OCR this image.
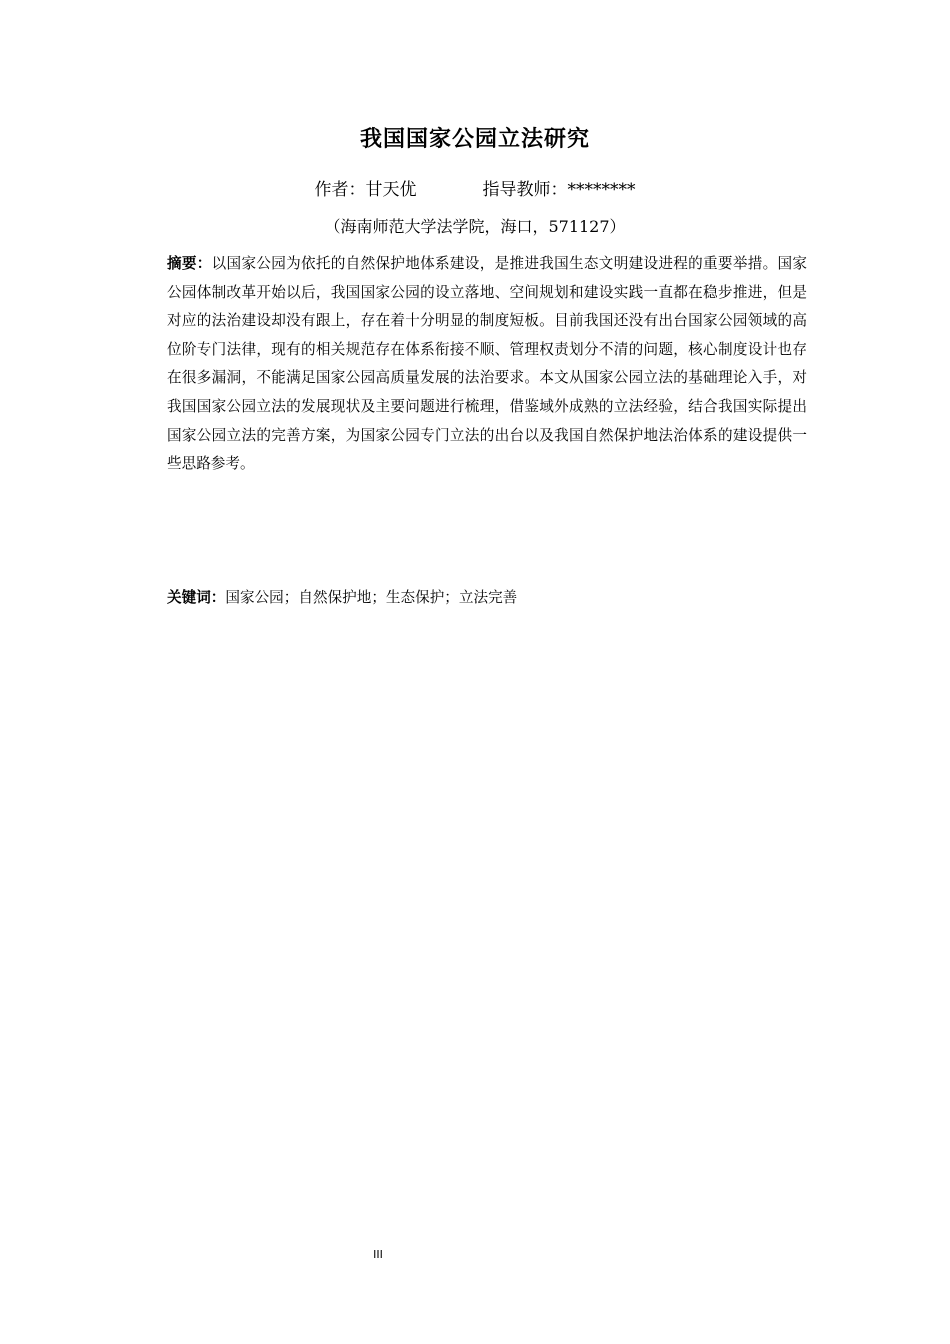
我国国家公园立法研究
作者：甘天优	指导教师：********
（海南师范大学法学院，海口，571127）
摘要：以国家公园为依托的自然保护地体系建设，是推进我国生态文明建设进程的重要举措。国家公园体制改革开始以后，我国国家公园的设立落地、空间规划和建设实践一直都在稳步推进，但是对应的法治建设却没有跟上，存在着十分明显的制度短板。目前我国还没有出台国家公园领域的高位阶专门法律，现有的相关规范存在体系衔接不顺、管理权责划分不清的问题，核心制度设计也存在很多漏洞，不能满足国家公园高质量发展的法治要求。本文从国家公园立法的基础理论入手，对我国国家公园立法的发展现状及主要问题进行梳理，借鉴域外成熟的立法经验，结合我国实际提出国家公园立法的完善方案，为国家公园专门立法的出台以及我国自然保护地法治体系的建设提供一些思路参考。
关键词：国家公园；自然保护地；生态保护；立法完善
III
